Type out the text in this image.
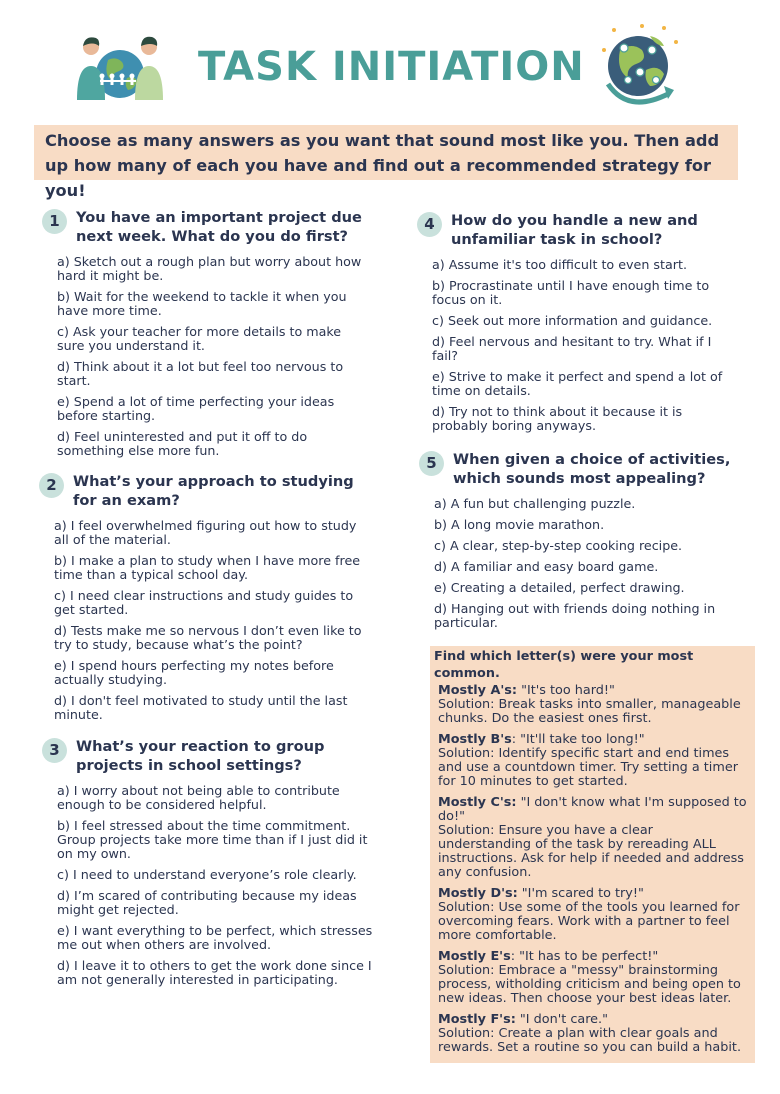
TASK INITIATION
Choose as many answers as you want that sound most like you. Then add up how many of each you have and find out a recommended strategy for you!
1	You have an important project due next week. What do you do first?
a) Sketch out a rough plan but worry about how hard it might be.
b) Wait for the weekend to tackle it when you have more time.
c) Ask your teacher for more details to make sure you understand it.
d) Think about it a lot but feel too nervous to start.
e) Spend a lot of time perfecting your ideas before starting.
d) Feel uninterested and put it off to do something else more fun.
2	What’s your approach to studying for an exam?
a) I feel overwhelmed figuring out how to study all of the material.
b) I make a plan to study when I have more free time than a typical school day.
c) I need clear instructions and study guides to get started.
d) Tests make me so nervous I don’t even like to try to study, because what’s the point?
e) I spend hours perfecting my notes before actually studying.
d) I don't feel motivated to study until the last minute.
3	What’s your reaction to group projects in school settings?
a) I worry about not being able to contribute enough to be considered helpful.
b) I feel stressed about the time commitment. Group projects take more time than if I just did it on my own.
c) I need to understand everyone’s role clearly.
d) I’m scared of contributing because my ideas might get rejected.
e) I want everything to be perfect, which stresses me out when others are involved.
d) I leave it to others to get the work done since I am not generally interested in participating.
4	How do you handle a new and unfamiliar task in school?
a) Assume it's too difficult to even start.
b) Procrastinate until I have enough time to focus on it.
c) Seek out more information and guidance.
d) Feel nervous and hesitant to try. What if I fail?
e) Strive to make it perfect and spend a lot of time on details.
d) Try not to think about it because it is probably boring anyways.
5	When given a choice of activities, which sounds most appealing?
a) A fun but challenging puzzle.
b) A long movie marathon.
c) A clear, step-by-step cooking recipe.
d) A familiar and easy board game.
e) Creating a detailed, perfect drawing.
d) Hanging out with friends doing nothing in particular.
Find which letter(s) were your most common.
Mostly A's: "It's too hard!"
Solution: Break tasks into smaller, manageable chunks. Do the easiest ones first.
Mostly B's: "It'll take too long!"
Solution: Identify specific start and end times and use a countdown timer. Try setting a timer for 10 minutes to get started.
Mostly C's: "I don't know what I'm supposed to do!"
Solution: Ensure you have a clear understanding of the task by rereading ALL instructions. Ask for help if needed and address any confusion.
Mostly D's: "I'm scared to try!"
Solution: Use some of the tools you learned for overcoming fears. Work with a partner to feel more comfortable.
Mostly E's: "It has to be perfect!"
Solution: Embrace a "messy" brainstorming process, witholding criticism and being open to new ideas. Then choose your best ideas later.
Mostly F's: "I don't care."
Solution: Create a plan with clear goals and rewards. Set a routine so you can build a habit.
